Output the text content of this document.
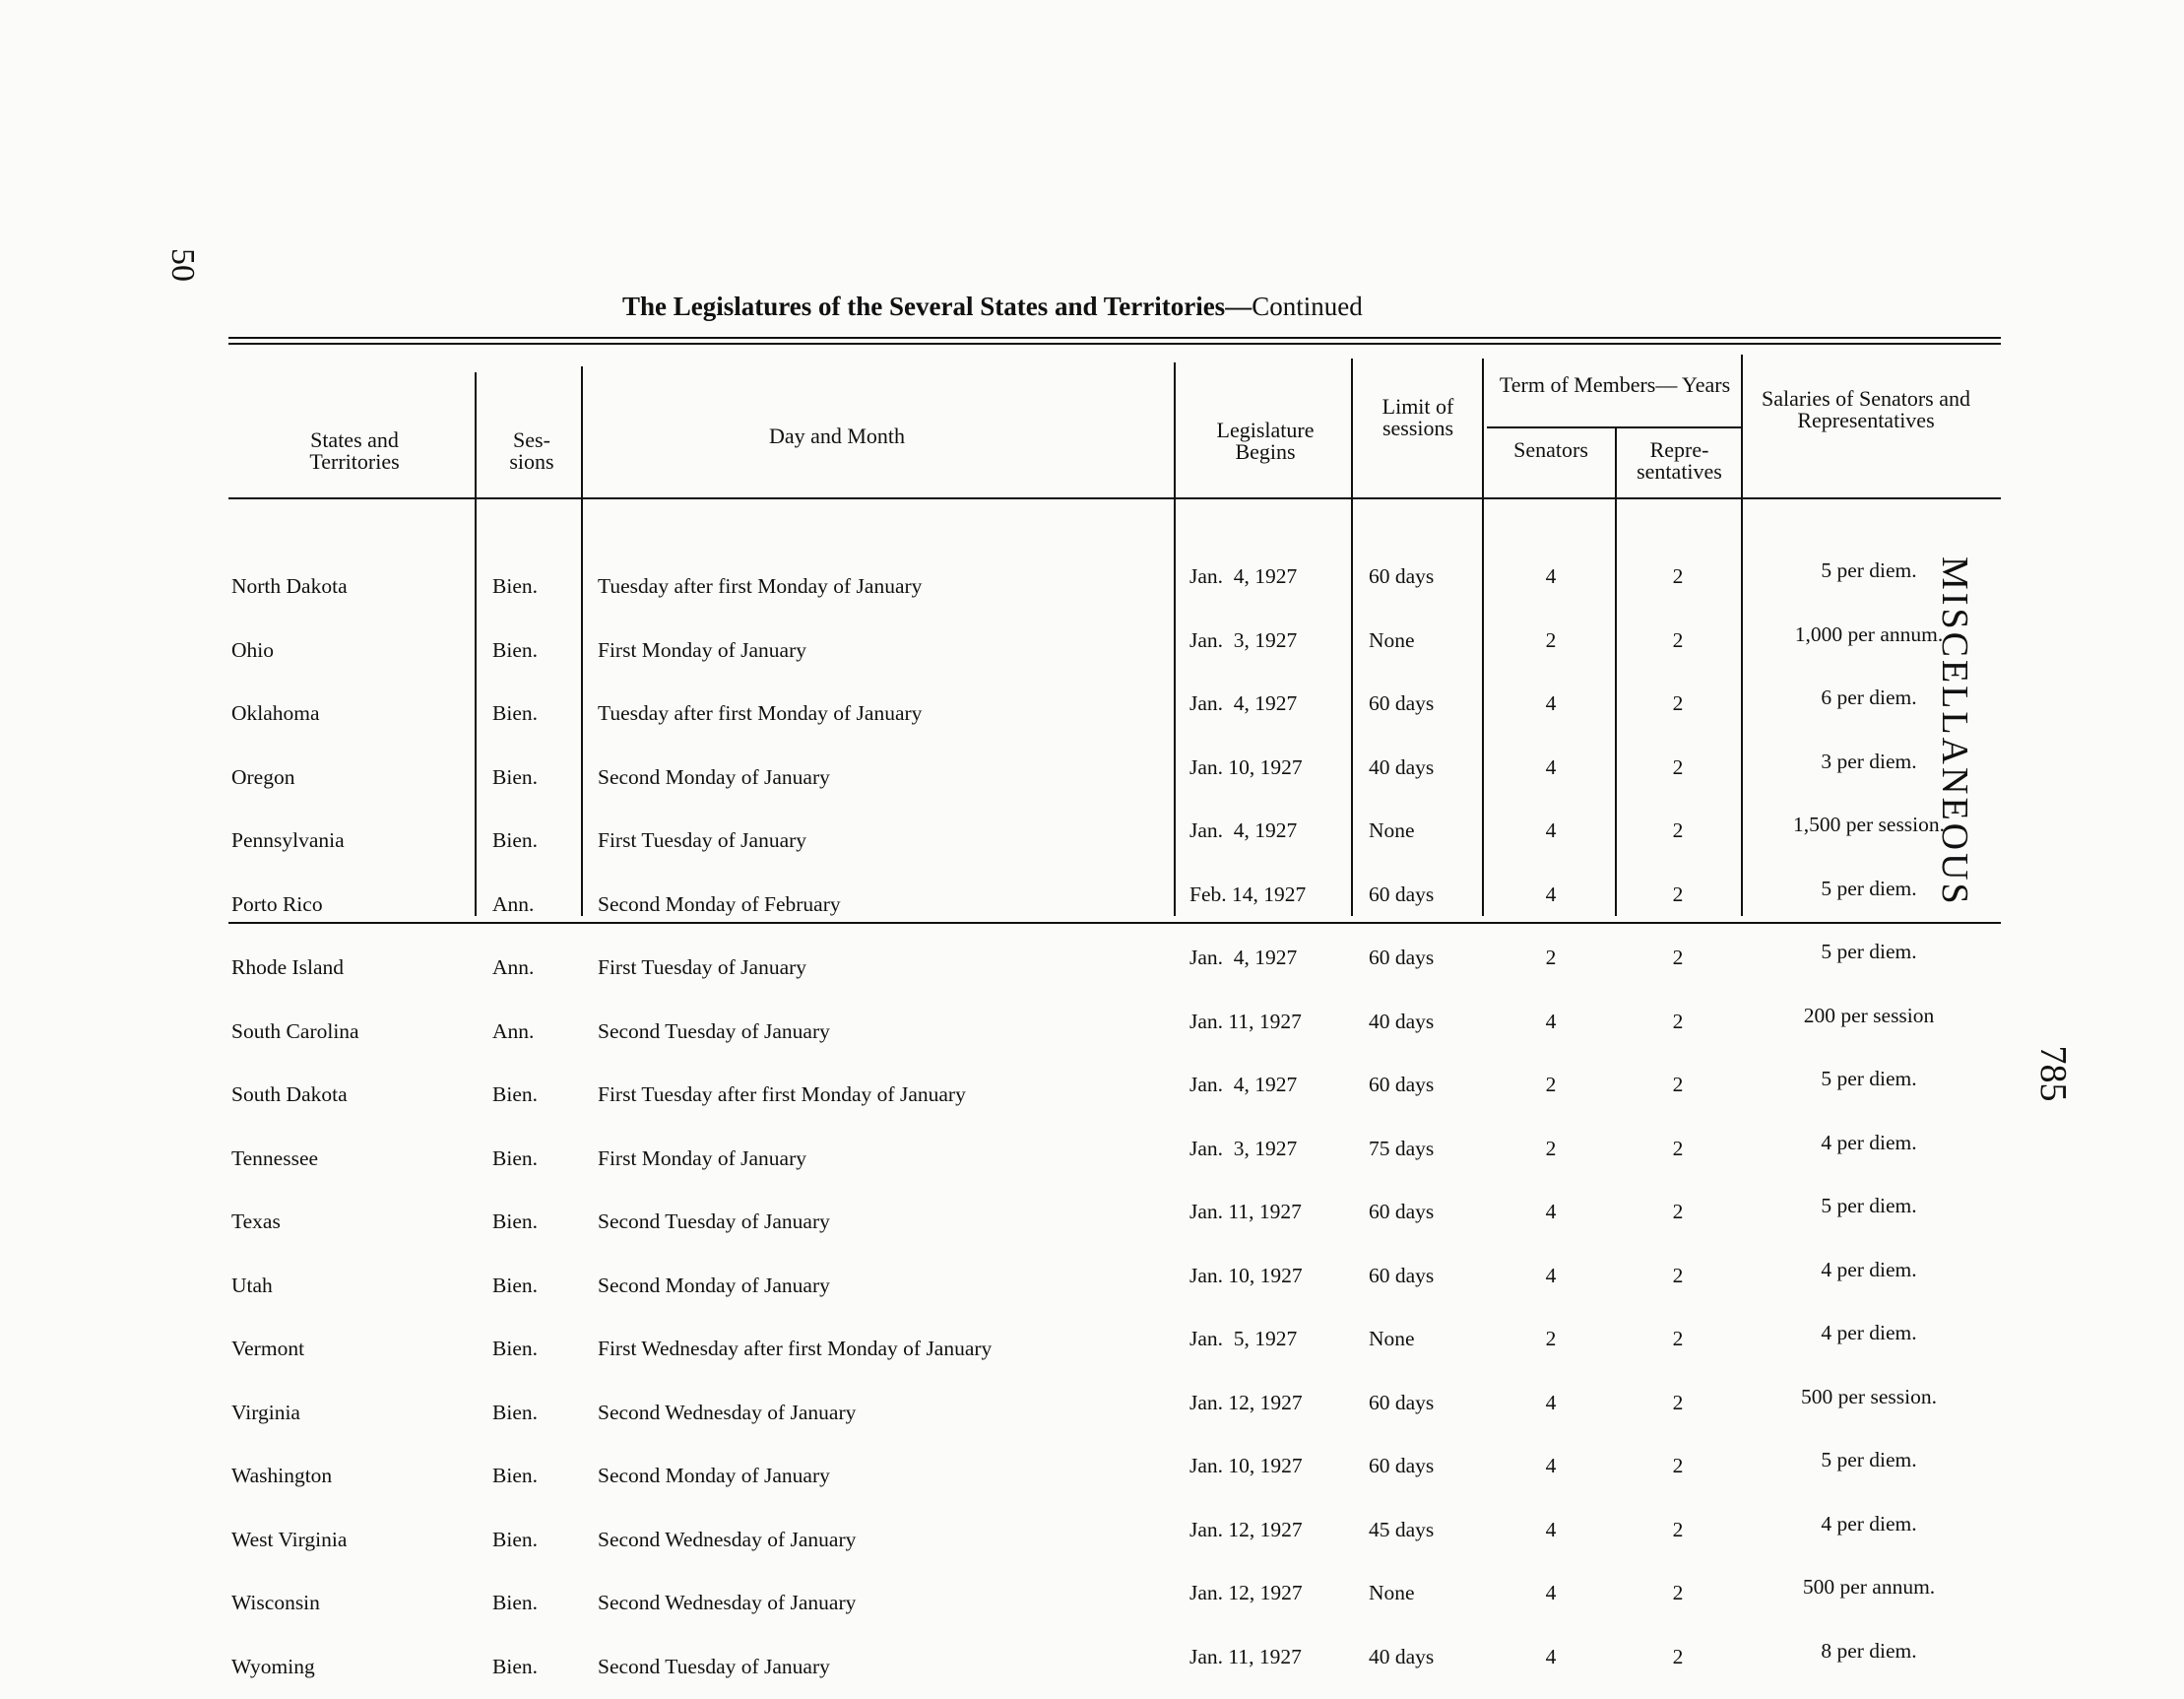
50
MISCELLANEOUS
785
The Legislatures of the Several States and Territories—Continued
States and Territories
Ses- sions
Day and Month	Legislature Begins
Limit of sessions
Term of Members— Years
Senators	Repre- sentatives
Salaries of Senators and Representatives

North Dakota

Ohio

Oklahoma

Oregon

Pennsylvania

Porto Rico

Rhode Island

South Carolina

South Dakota

Tennessee

Texas

Utah

Vermont

Virginia

Washington

West Virginia

Wisconsin

Wyoming

Bien.

Bien.

Bien.

Bien.

Bien.

Ann.

Ann.

Ann.

Bien.

Bien.

Bien.

Bien.

Bien.

Bien.

Bien.

Bien.

Bien.

Bien.

Tuesday after first Monday of January

First Monday of January

Tuesday after first Monday of January

Second Monday of January

First Tuesday of January

Second Monday of February

First Tuesday of January

Second Tuesday of January

First Tuesday after first Monday of January

First Monday of January

Second Tuesday of January

Second Monday of January

First Wednesday after first Monday of January

Second Wednesday of January

Second Monday of January

Second Wednesday of January

Second Wednesday of January

Second Tuesday of January

Jan.  4, 1927

Jan.  3, 1927

Jan.  4, 1927

Jan. 10, 1927

Jan.  4, 1927

Feb. 14, 1927

Jan.  4, 1927

Jan. 11, 1927

Jan.  4, 1927

Jan.  3, 1927

Jan. 11, 1927

Jan. 10, 1927

Jan.  5, 1927

Jan. 12, 1927

Jan. 10, 1927

Jan. 12, 1927

Jan. 12, 1927

Jan. 11, 1927

60 days

None

60 days

40 days

None

60 days

60 days

40 days

60 days

75 days

60 days

60 days

None

60 days

60 days

45 days

None

40 days

4

2

4

4

4

4

2

4

2

2

4

4

2

4

4

4

4

4

2

2

2

2

2

2

2

2

2

2

2

2

2

2

2

2

2

2

5 per diem.

1,000 per annum.

6 per diem.

3 per diem.

1,500 per session.

5 per diem.

5 per diem.

200 per session

5 per diem.

4 per diem.

5 per diem.

4 per diem.

4 per diem.

500 per session.

5 per diem.

4 per diem.

500 per annum.

8 per diem.
